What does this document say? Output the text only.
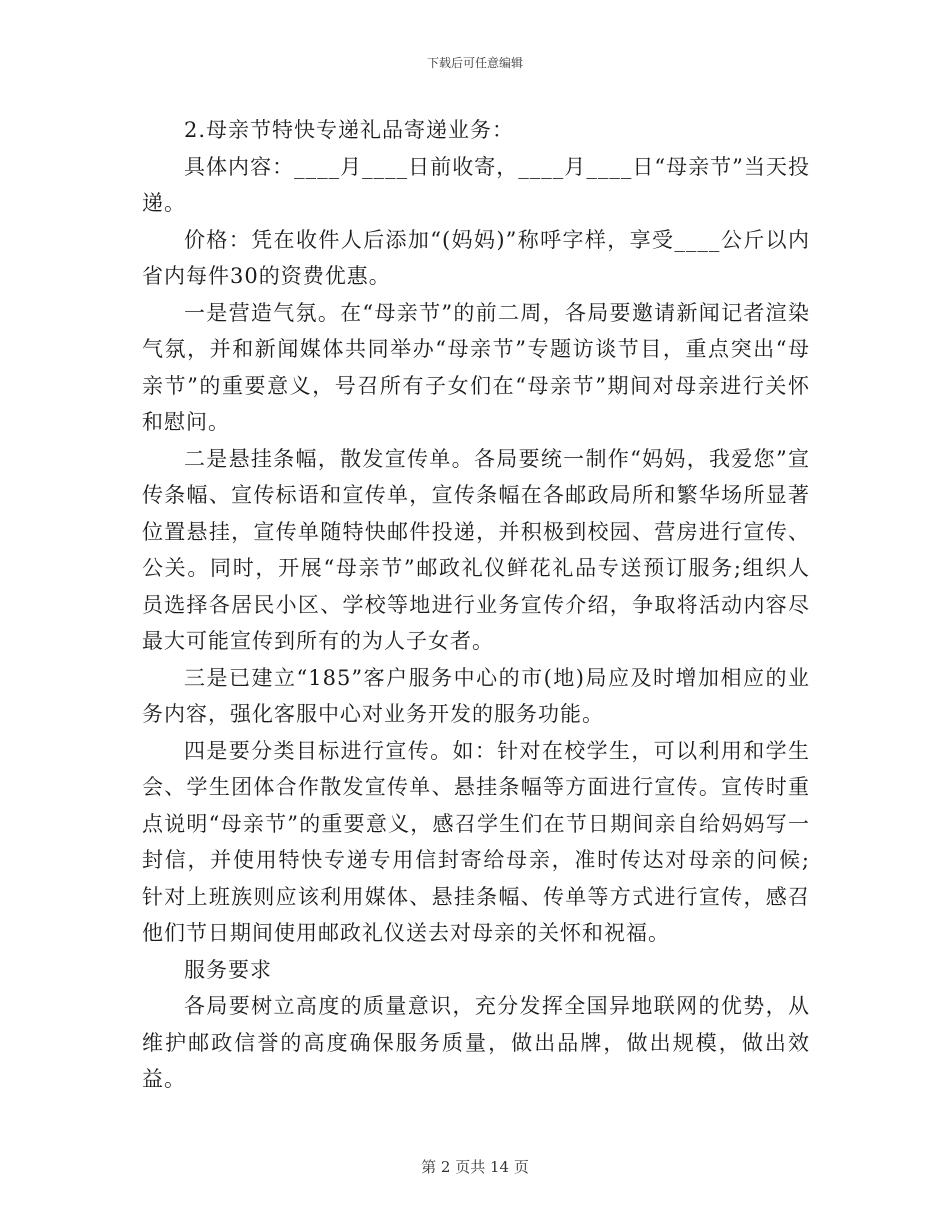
下载后可任意编辑

2.母亲节特快专递礼品寄递业务：

具体内容：____月____日前收寄，____月____日“母亲节”当天投递。

价格：凭在收件人后添加“(妈妈)”称呼字样，享受____公斤以内省内每件30的资费优惠。

一是营造气氛。在“母亲节”的前二周，各局要邀请新闻记者渲染气氛，并和新闻媒体共同举办“母亲节”专题访谈节目，重点突出“母亲节”的重要意义，号召所有子女们在“母亲节”期间对母亲进行关怀和慰问。

二是悬挂条幅，散发宣传单。各局要统一制作“妈妈，我爱您”宣传条幅、宣传标语和宣传单，宣传条幅在各邮政局所和繁华场所显著位置悬挂，宣传单随特快邮件投递，并积极到校园、营房进行宣传、公关。同时，开展“母亲节”邮政礼仪鲜花礼品专送预订服务;组织人员选择各居民小区、学校等地进行业务宣传介绍，争取将活动内容尽最大可能宣传到所有的为人子女者。

三是已建立“185”客户服务中心的市(地)局应及时增加相应的业务内容，强化客服中心对业务开发的服务功能。

四是要分类目标进行宣传。如：针对在校学生，可以利用和学生会、学生团体合作散发宣传单、悬挂条幅等方面进行宣传。宣传时重点说明“母亲节”的重要意义，感召学生们在节日期间亲自给妈妈写一封信，并使用特快专递专用信封寄给母亲，准时传达对母亲的问候;针对上班族则应该利用媒体、悬挂条幅、传单等方式进行宣传，感召他们节日期间使用邮政礼仪送去对母亲的关怀和祝福。

服务要求

各局要树立高度的质量意识，充分发挥全国异地联网的优势，从维护邮政信誉的高度确保服务质量，做出品牌，做出规模，做出效益。

第 2 页共 14 页
